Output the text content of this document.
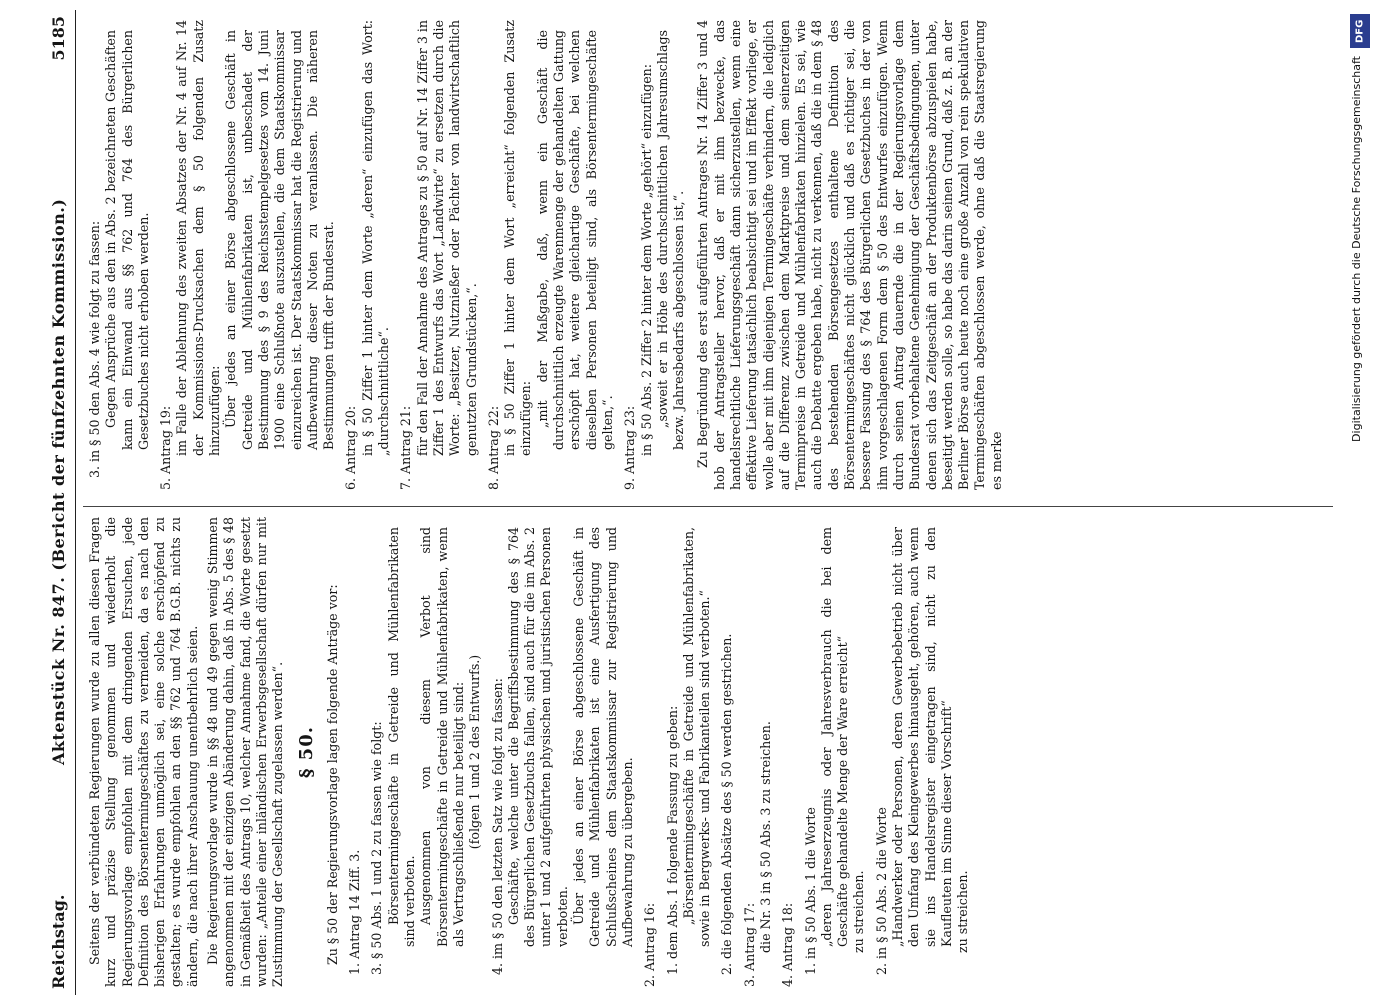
Reichstag.
Aktenstück Nr. 847. (Bericht der fünfzehnten Kommission.)
5185

Seitens der verbündeten Regierungen wurde zu allen diesen Fragen kurz und präzise Stellung genommen und wiederholt die Regierungsvorlage empfohlen mit dem dringenden Ersuchen, jede Definition des Börsentermingeschäftes zu vermeiden, da es nach den bisherigen Erfahrungen unmöglich sei, eine solche erschöpfend zu gestalten; es wurde empfohlen an den §§ 762 und 764 B.G.B. nichts zu ändern, die nach ihrer Anschauung unentbehrlich seien. Die Regierungsvorlage wurde in §§ 48 und 49 gegen wenig Stimmen angenommen mit der einzigen Abänderung dahin, daß in Abs. 5 des § 48 in Gemäßheit des Antrags 10, welcher Annahme fand, die Worte gesetzt wurden: „Anteile einer inländischen Erwerbsgesellschaft dürfen nur mit Zustimmung der Gesellschaft zugelassen werden“. § 50. Zu § 50 der Regierungsvorlage lagen folgende Anträge vor: 1. Antrag 14 Ziff. 3. 3. § 50 Abs. 1 und 2 zu fassen wie folgt: Börsentermingeschäfte in Getreide und Mühlenfabrikaten sind verboten. Ausgenommen von diesem Verbot sind Börsentermingeschäfte in Getreide und Mühlenfabrikaten, wenn als Vertragschließende nur beteiligt sind: (folgen 1 und 2 des Entwurfs.) 4. im § 50 den letzten Satz wie folgt zu fassen: Geschäfte, welche unter die Begriffsbestimmung des § 764 des Bürgerlichen Gesetzbuchs fallen, sind auch für die im Abs. 2 unter 1 und 2 aufgeführten physischen und juristischen Personen verboten. Über jedes an einer Börse abgeschlossene Geschäft in Getreide und Mühlenfabrikaten ist eine Ausfertigung des Schlußscheines dem Staatskommissar zur Registrierung und Aufbewahrung zu übergeben. 2. Antrag 16: 1. dem Abs. 1 folgende Fassung zu geben: „Börsentermingeschäfte in Getreide und Mühlenfabrikaten, sowie in Bergwerks- und Fabrikanteilen sind verboten.“ 2. die folgenden Absätze des § 50 werden gestrichen. 3. Antrag 17: die Nr. 3 in § 50 Abs. 3 zu streichen. 4. Antrag 18: 1. in § 50 Abs. 1 die Worte „deren Jahreserzeugnis oder Jahresverbrauch die bei dem Geschäfte gehandelte Menge der Ware erreicht“ zu streichen. 2. in § 50 Abs. 2 die Worte „Handwerker oder Personen, deren Gewerbebetrieb nicht über den Umfang des Kleingewerbes hinausgeht, gehören, auch wenn sie ins Handelsregister eingetragen sind, nicht zu den Kaufleuten im Sinne dieser Vorschrift“ zu streichen.

3. in § 50 den Abs. 4 wie folgt zu fassen: Gegen Ansprüche aus den in Abs. 2 bezeichneten Geschäften kann ein Einwand aus §§ 762 und 764 des Bürgerlichen Gesetzbuches nicht erhoben werden. 5. Antrag 19: im Falle der Ablehnung des zweiten Absatzes der Nr. 4 auf Nr. 14 der Kommissions-Drucksachen dem § 50 folgenden Zusatz hinzuzufügen: Über jedes an einer Börse abgeschlossene Geschäft in Getreide und Mühlenfabrikaten ist, unbeschadet der Bestimmung des § 9 des Reichsstempelgesetzes vom 14. Juni 1900 eine Schlußnote auszustellen, die dem Staatskommissar einzureichen ist. Der Staatskommissar hat die Registrierung und Aufbewahrung dieser Noten zu veranlassen. Die näheren Bestimmungen trifft der Bundesrat. 6. Antrag 20: in § 50 Ziffer 1 hinter dem Worte „deren“ einzufügen das Wort: „durchschnittliche“. 7. Antrag 21: für den Fall der Annahme des Antrages zu § 50 auf Nr. 14 Ziffer 3 in Ziffer 1 des Entwurfs das Wort „Landwirte“ zu ersetzen durch die Worte: „Besitzer, Nutznießer oder Pächter von landwirtschaftlich genutzten Grundstücken,“. 8. Antrag 22: in § 50 Ziffer 1 hinter dem Wort „erreicht“ folgenden Zusatz einzufügen: „mit der Maßgabe, daß, wenn ein Geschäft die durchschnittlich erzeugte Warenmenge der gehandelten Gattung erschöpft hat, weitere gleichartige Geschäfte, bei welchen dieselben Personen beteiligt sind, als Börsentermingeschäfte gelten,“. 9. Antrag 23: in § 50 Abs. 2 Ziffer 2 hinter dem Worte „gehört“ einzufügen: „soweit er in Höhe des durchschnittlichen Jahresumschlags bezw. Jahresbedarfs abgeschlossen ist,“. Zu Begründung des erst aufgeführten Antrages Nr. 14 Ziffer 3 und 4 hob der Antragsteller hervor, daß er mit ihm bezwecke, das handelsrechtliche Lieferungsgeschäft dann sicherzustellen, wenn eine effektive Lieferung tatsächlich beabsichtigt sei und im Effekt vorliege, er wolle aber mit ihm diejenigen Termingeschäfte verhindern, die lediglich auf die Differenz zwischen dem Marktpreise und dem seinerzeitigen Terminpreise in Getreide und Mühlenfabrikaten hinzielen. Es sei, wie auch die Debatte ergeben habe, nicht zu verkennen, daß die in dem § 48 des bestehenden Börsengesetzes enthaltene Definition des Börsentermingeschäftes nicht glücklich und daß es richtiger sei, die bessere Fassung des § 764 des Bürgerlichen Gesetzbuches in der von ihm vorgeschlagenen Form dem § 50 des Entwurfes einzufügen. Wenn durch seinen Antrag dauernde die in der Regierungsvorlage dem Bundesrat vorbehaltene Genehmigung der Geschäftsbedingungen, unter denen sich das Zeitgeschäft an der Produktenbörse abzuspielen habe, beseitigt werden solle, so habe das darin seinen Grund, daß z. B. an der Berliner Börse auch heute noch eine große Anzahl von rein spekulativen Termingeschäften abgeschlossen werde, ohne daß die Staatsregierung es merke

DFG
Digitalisierung gefördert durch die Deutsche Forschungsgemeinschaft
